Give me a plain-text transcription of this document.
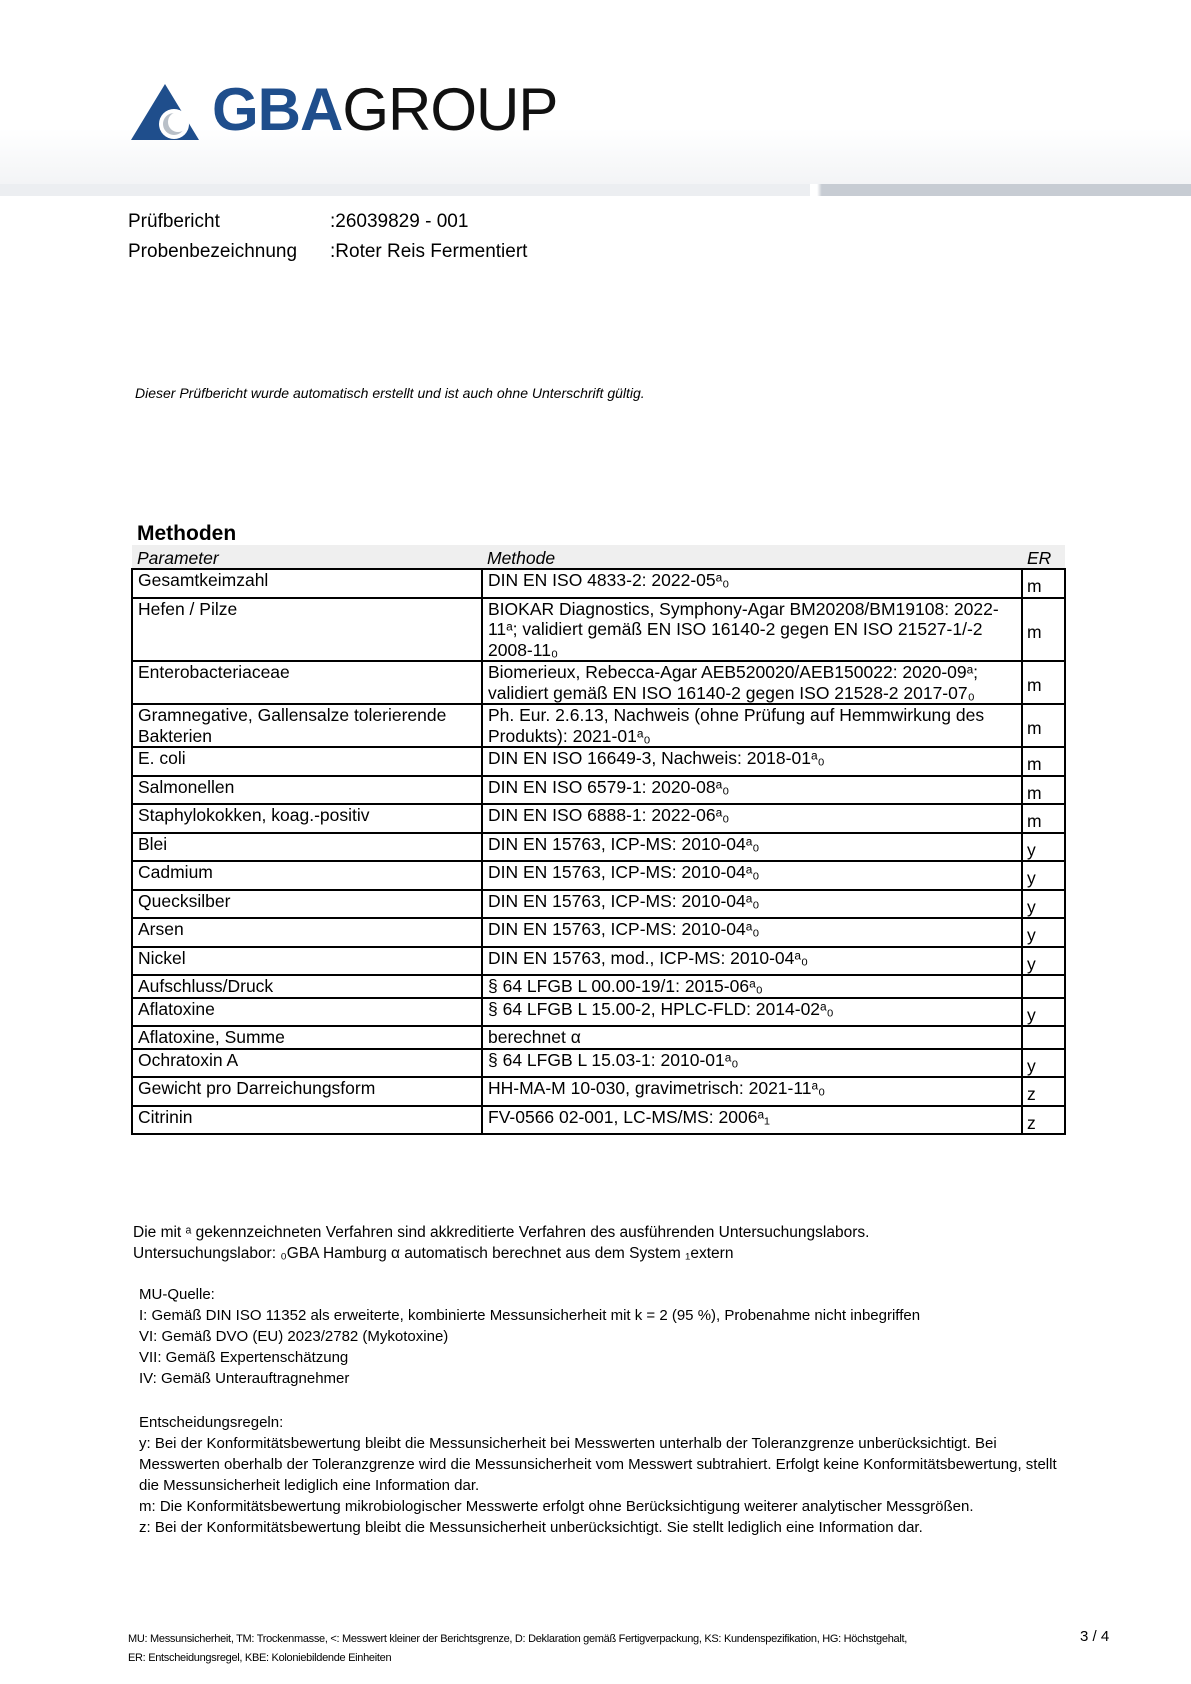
GBAGROUP
Prüfbericht	:26039829 - 001
Probenbezeichnung	:Roter Reis Fermentiert
Dieser Prüfbericht wurde automatisch erstellt und ist auch ohne Unterschrift gültig.
Methoden
Parameter	Methode	ER
Gesamtkeimzahl	DIN EN ISO 4833-2: 2022-05ᵃ₀	m
Hefen / Pilze	BIOKAR Diagnostics, Symphony-Agar BM20208/BM19108: 2022-11ᵃ; validiert gemäß EN ISO 16140-2 gegen EN ISO 21527-1/-2 2008-11₀	m
Enterobacteriaceae	Biomerieux, Rebecca-Agar AEB520020/AEB150022: 2020-09ᵃ; validiert gemäß EN ISO 16140-2 gegen ISO 21528-2 2017-07₀	m
Gramnegative, Gallensalze tolerierende Bakterien	Ph. Eur. 2.6.13, Nachweis (ohne Prüfung auf Hemmwirkung des Produkts): 2021-01ᵃ₀	m
E. coli	DIN EN ISO 16649-3, Nachweis: 2018-01ᵃ₀	m
Salmonellen	DIN EN ISO 6579-1: 2020-08ᵃ₀	m
Staphylokokken, koag.-positiv	DIN EN ISO 6888-1: 2022-06ᵃ₀	m
Blei	DIN EN 15763, ICP-MS: 2010-04ᵃ₀	y
Cadmium	DIN EN 15763, ICP-MS: 2010-04ᵃ₀	y
Quecksilber	DIN EN 15763, ICP-MS: 2010-04ᵃ₀	y
Arsen	DIN EN 15763, ICP-MS: 2010-04ᵃ₀	y
Nickel	DIN EN 15763, mod., ICP-MS: 2010-04ᵃ₀	y
Aufschluss/Druck	§ 64 LFGB L 00.00-19/1: 2015-06ᵃ₀	
Aflatoxine	§ 64 LFGB L 15.00-2, HPLC-FLD: 2014-02ᵃ₀	y
Aflatoxine, Summe	berechnet α	
Ochratoxin A	§ 64 LFGB L 15.03-1: 2010-01ᵃ₀	y
Gewicht pro Darreichungsform	HH-MA-M 10-030, gravimetrisch: 2021-11ᵃ₀	z
Citrinin	FV-0566 02-001, LC-MS/MS: 2006ᵃ₁	z
Die mit ᵃ gekennzeichneten Verfahren sind akkreditierte Verfahren des ausführenden Untersuchungslabors.
Untersuchungslabor: ₀GBA Hamburg α automatisch berechnet aus dem System ₁extern
MU-Quelle:
I: Gemäß DIN ISO 11352 als erweiterte, kombinierte Messunsicherheit mit k = 2 (95 %), Probenahme nicht inbegriffen
VI: Gemäß DVO (EU) 2023/2782 (Mykotoxine)
VII: Gemäß Expertenschätzung
IV: Gemäß Unterauftragnehmer
Entscheidungsregeln:
y: Bei der Konformitätsbewertung bleibt die Messunsicherheit bei Messwerten unterhalb der Toleranzgrenze unberücksichtigt. Bei Messwerten oberhalb der Toleranzgrenze wird die Messunsicherheit vom Messwert subtrahiert. Erfolgt keine Konformitätsbewertung, stellt die Messunsicherheit lediglich eine Information dar.
m: Die Konformitätsbewertung mikrobiologischer Messwerte erfolgt ohne Berücksichtigung weiterer analytischer Messgrößen.
z: Bei der Konformitätsbewertung bleibt die Messunsicherheit unberücksichtigt. Sie stellt lediglich eine Information dar.
MU: Messunsicherheit, TM: Trockenmasse, <: Messwert kleiner der Berichtsgrenze, D: Deklaration gemäß Fertigverpackung, KS: Kundenspezifikation, HG: Höchstgehalt,
ER: Entscheidungsregel, KBE: Koloniebildende Einheiten
3 / 4
